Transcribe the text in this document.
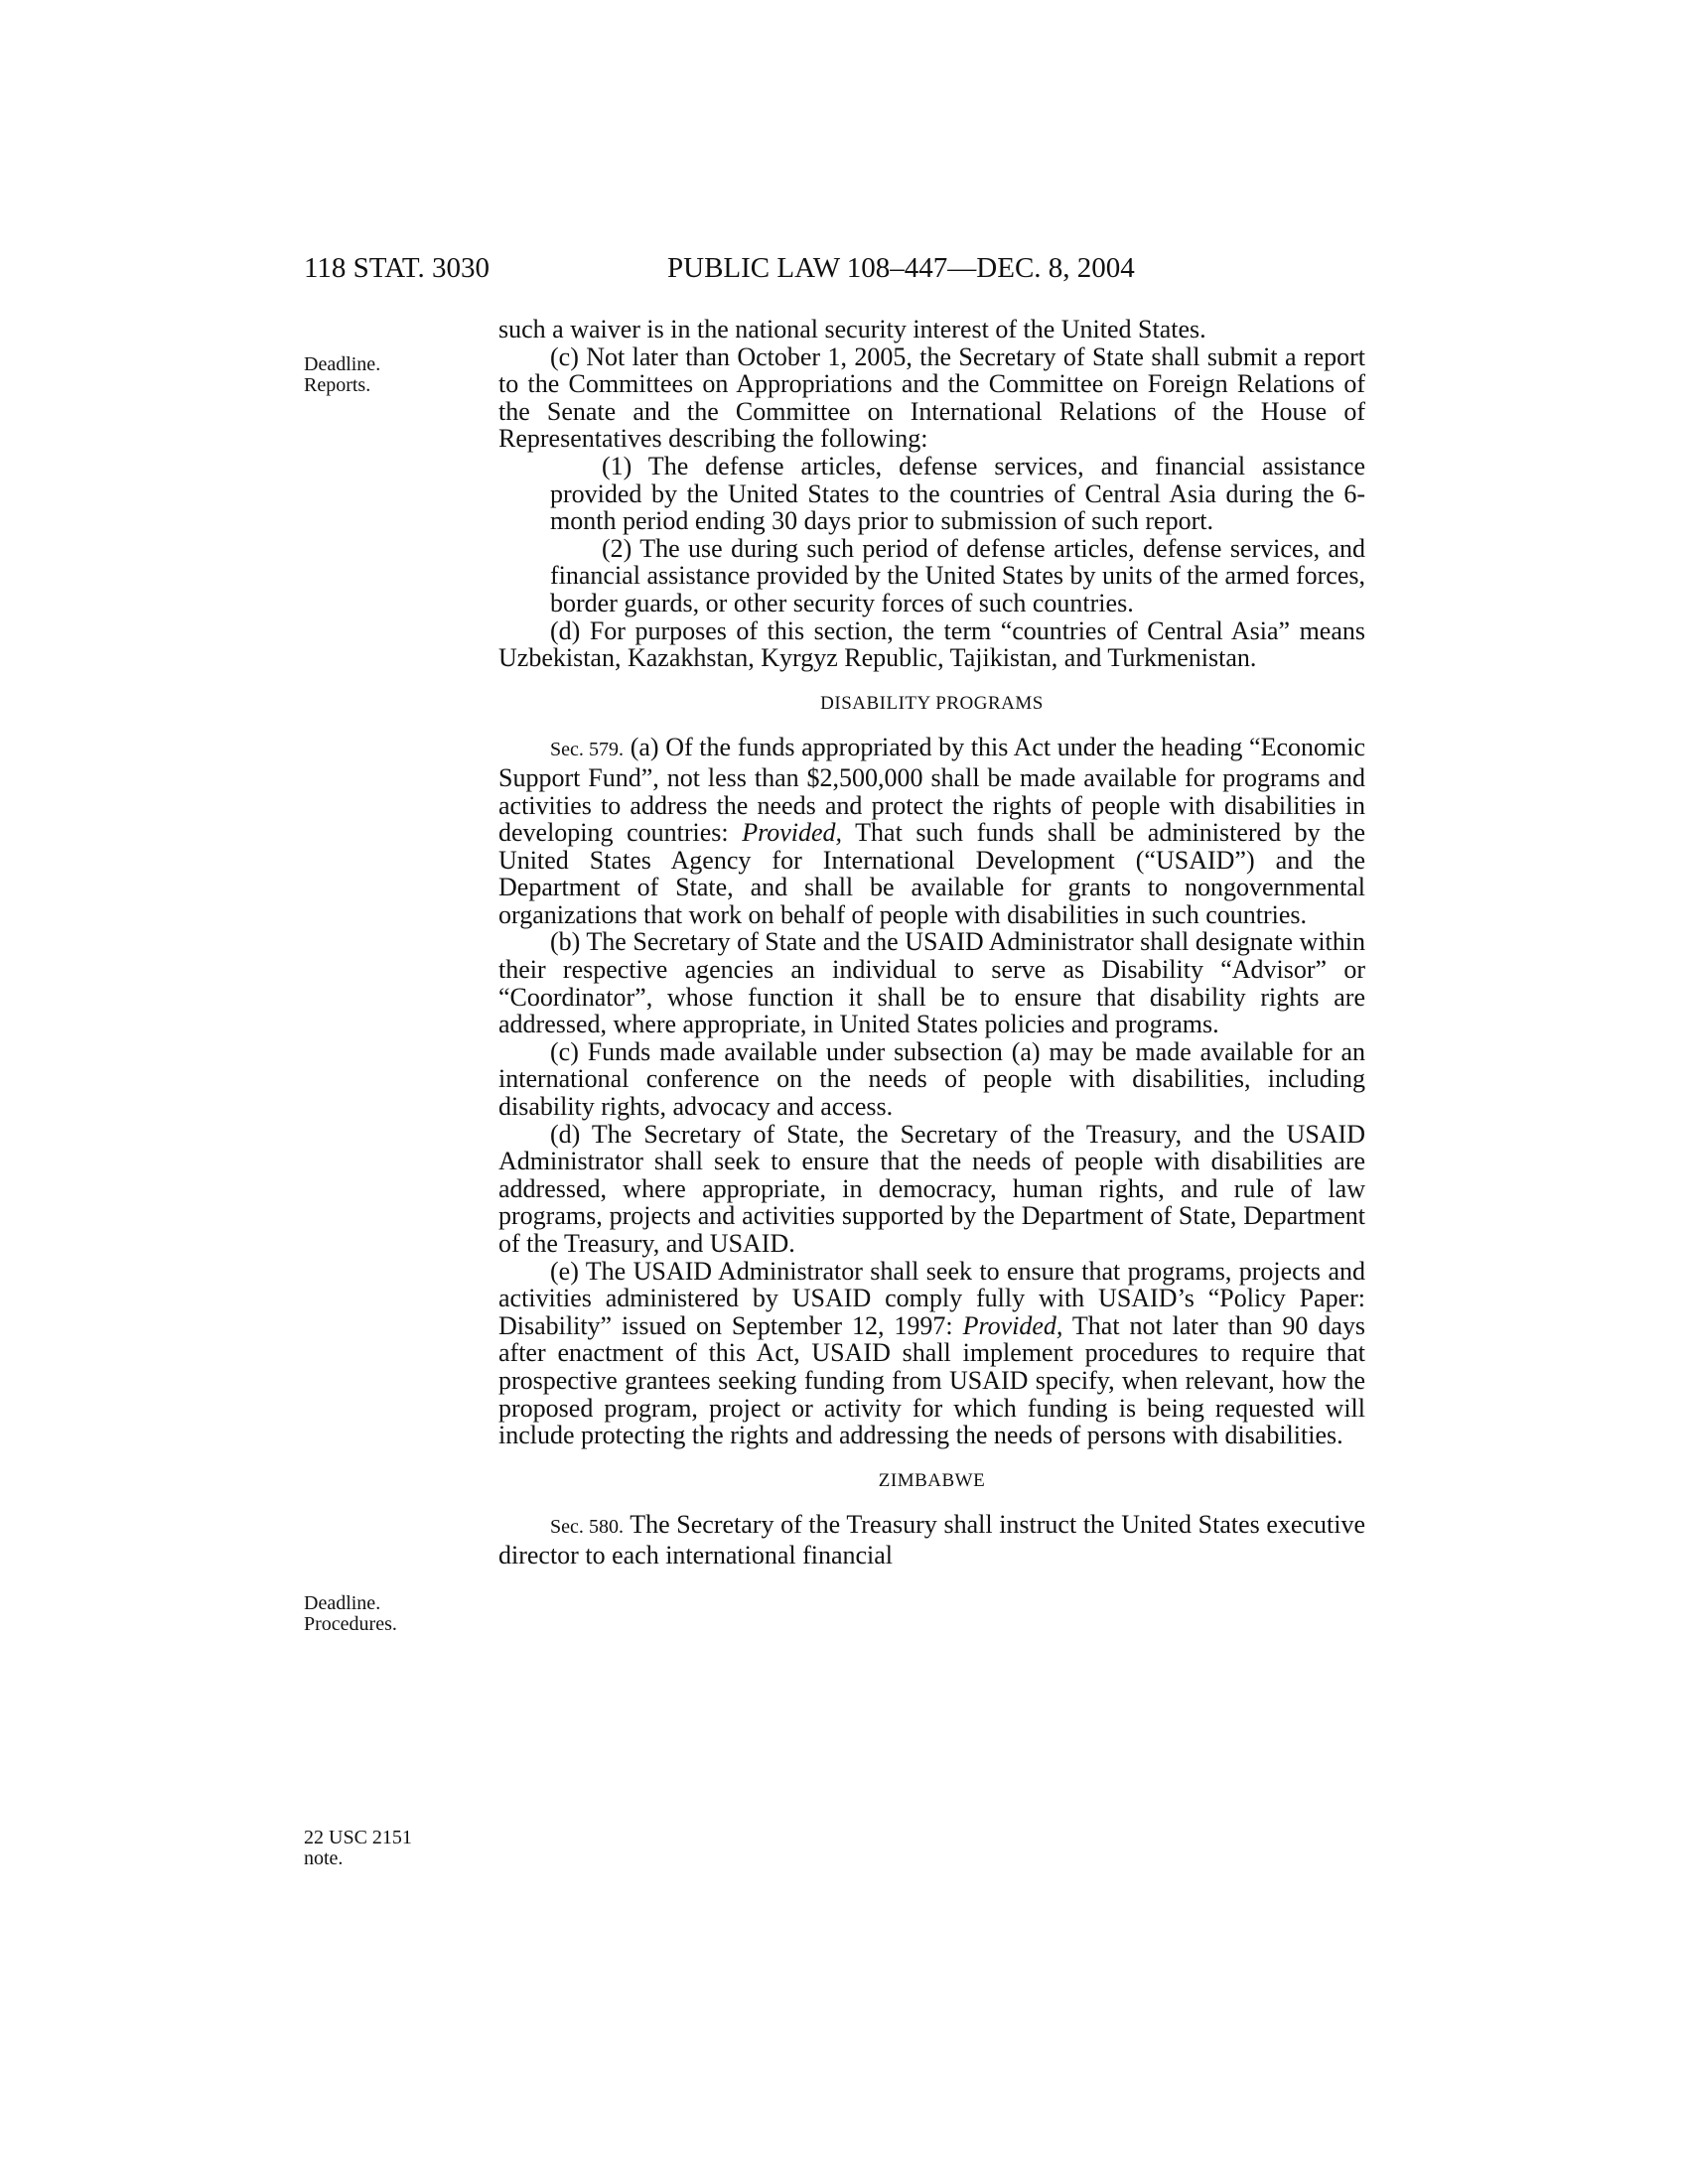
118 STAT. 3030	PUBLIC LAW 108–447—DEC. 8, 2004
Deadline.
Reports.
Deadline.
Procedures.
22 USC 2151
note.

such a waiver is in the national security interest of the United States.

(c) Not later than October 1, 2005, the Secretary of State shall submit a report to the Committees on Appropriations and the Committee on Foreign Relations of the Senate and the Committee on International Relations of the House of Representatives describing the following:

(1) The defense articles, defense services, and financial assistance provided by the United States to the countries of Central Asia during the 6-month period ending 30 days prior to submission of such report.

(2) The use during such period of defense articles, defense services, and financial assistance provided by the United States by units of the armed forces, border guards, or other security forces of such countries.

(d) For purposes of this section, the term “countries of Central Asia” means Uzbekistan, Kazakhstan, Kyrgyz Republic, Tajikistan, and Turkmenistan.

DISABILITY PROGRAMS

Sec. 579. (a) Of the funds appropriated by this Act under the heading “Economic Support Fund”, not less than $2,500,000 shall be made available for programs and activities to address the needs and protect the rights of people with disabilities in developing countries: Provided, That such funds shall be administered by the United States Agency for International Development (“USAID”) and the Department of State, and shall be available for grants to nongovernmental organizations that work on behalf of people with disabilities in such countries.

(b) The Secretary of State and the USAID Administrator shall designate within their respective agencies an individual to serve as Disability “Advisor” or “Coordinator”, whose function it shall be to ensure that disability rights are addressed, where appropriate, in United States policies and programs.

(c) Funds made available under subsection (a) may be made available for an international conference on the needs of people with disabilities, including disability rights, advocacy and access.

(d) The Secretary of State, the Secretary of the Treasury, and the USAID Administrator shall seek to ensure that the needs of people with disabilities are addressed, where appropriate, in democracy, human rights, and rule of law programs, projects and activities supported by the Department of State, Department of the Treasury, and USAID.

(e) The USAID Administrator shall seek to ensure that programs, projects and activities administered by USAID comply fully with USAID’s “Policy Paper: Disability” issued on September 12, 1997: Provided, That not later than 90 days after enactment of this Act, USAID shall implement procedures to require that prospective grantees seeking funding from USAID specify, when relevant, how the proposed program, project or activity for which funding is being requested will include protecting the rights and addressing the needs of persons with disabilities.

ZIMBABWE

Sec. 580. The Secretary of the Treasury shall instruct the United States executive director to each international financial
